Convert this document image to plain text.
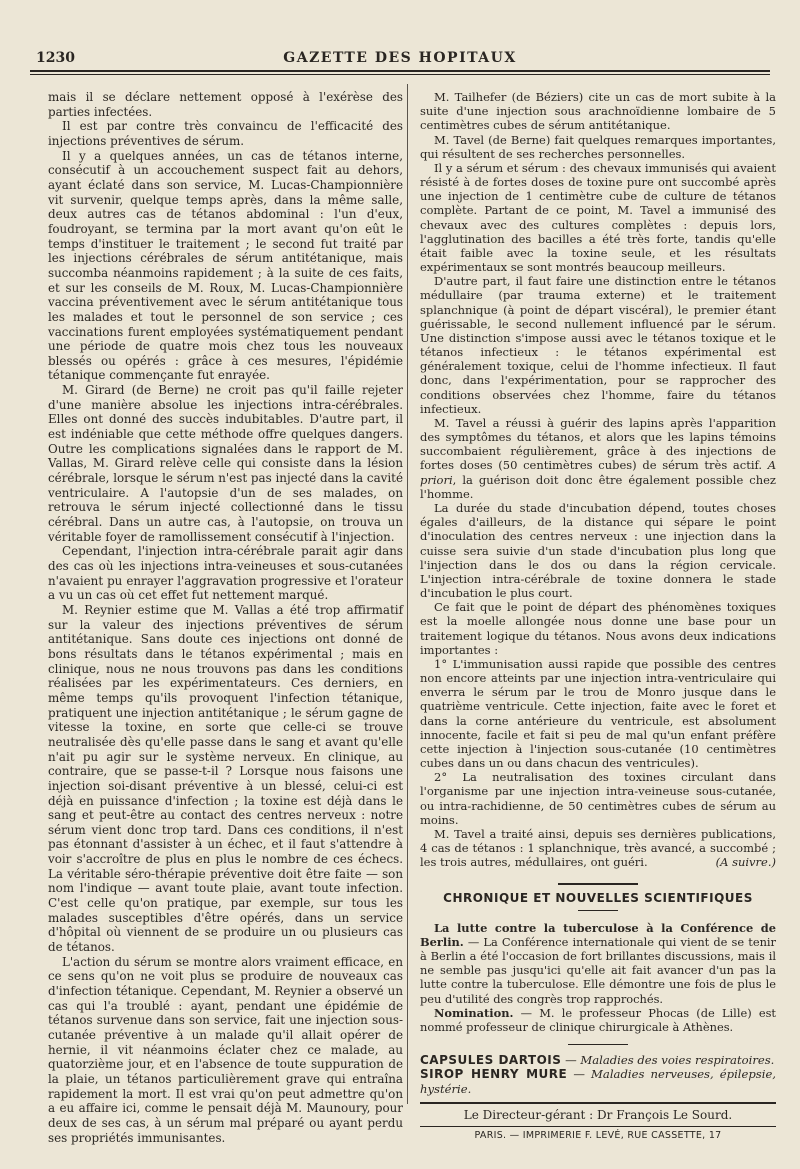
1230	GAZETTE DES HOPITAUX

mais il se déclare nettement opposé à l'exérèse des parties infectées.

Il est par contre très convaincu de l'efficacité des injections préventives de sérum.

Il y a quelques années, un cas de tétanos interne, consécutif à un accouchement suspect fait au dehors, ayant éclaté dans son service, M. Lucas-Championnière vit survenir, quelque temps après, dans la même salle, deux autres cas de tétanos abdominal : l'un d'eux, foudroyant, se termina par la mort avant qu'on eût le temps d'instituer le traitement ; le second fut traité par les injections cérébrales de sérum antitétanique, mais succomba néanmoins rapidement ; à la suite de ces faits, et sur les conseils de M. Roux, M. Lucas-Championnière vaccina préventivement avec le sérum antitétanique tous les malades et tout le personnel de son service ; ces vaccinations furent employées systématiquement pendant une période de quatre mois chez tous les nouveaux blessés ou opérés : grâce à ces mesures, l'épidémie tétanique commençante fut enrayée.

M. Girard (de Berne) ne croit pas qu'il faille rejeter d'une manière absolue les injections intra-cérébrales. Elles ont donné des succès indubitables. D'autre part, il est indéniable que cette méthode offre quelques dangers. Outre les complications signalées dans le rapport de M. Vallas, M. Girard relève celle qui consiste dans la lésion cérébrale, lorsque le sérum n'est pas injecté dans la cavité ventriculaire. A l'autopsie d'un de ses malades, on retrouva le sérum injecté collectionné dans le tissu cérébral. Dans un autre cas, à l'autopsie, on trouva un véritable foyer de ramollissement consécutif à l'injection.

Cependant, l'injection intra-cérébrale parait agir dans des cas où les injections intra-veineuses et sous-cutanées n'avaient pu enrayer l'aggravation progressive et l'orateur a vu un cas où cet effet fut nettement marqué.

M. Reynier estime que M. Vallas a été trop affirmatif sur la valeur des injections préventives de sérum antitétanique. Sans doute ces injections ont donné de bons résultats dans le tétanos expérimental ; mais en clinique, nous ne nous trouvons pas dans les conditions réalisées par les expérimentateurs. Ces derniers, en même temps qu'ils provoquent l'infection tétanique, pratiquent une injection antitétanique ; le sérum gagne de vitesse la toxine, en sorte que celle-ci se trouve neutralisée dès qu'elle passe dans le sang et avant qu'elle n'ait pu agir sur le système nerveux. En clinique, au contraire, que se passe-t-il ? Lorsque nous faisons une injection soi-disant préventive à un blessé, celui-ci est déjà en puissance d'infection ; la toxine est déjà dans le sang et peut-être au contact des centres nerveux : notre sérum vient donc trop tard. Dans ces conditions, il n'est pas étonnant d'assister à un échec, et il faut s'attendre à voir s'accroître de plus en plus le nombre de ces échecs. La véritable séro-thérapie préventive doit être faite — son nom l'indique — avant toute plaie, avant toute infection. C'est celle qu'on pratique, par exemple, sur tous les malades susceptibles d'être opérés, dans un service d'hôpital où viennent de se produire un ou plusieurs cas de tétanos.

L'action du sérum se montre alors vraiment efficace, en ce sens qu'on ne voit plus se produire de nouveaux cas d'infection tétanique. Cependant, M. Reynier a observé un cas qui l'a troublé : ayant, pendant une épidémie de tétanos survenue dans son service, fait une injection sous-cutanée préventive à un malade qu'il allait opérer de hernie, il vit néanmoins éclater chez ce malade, au quatorzième jour, et en l'absence de toute suppuration de la plaie, un tétanos particulièrement grave qui entraîna rapidement la mort. Il est vrai qu'on peut admettre qu'on a eu affaire ici, comme le pensait déjà M. Maunoury, pour deux de ses cas, à un sérum mal préparé ou ayant perdu ses propriétés immunisantes.

M. Tailhefer (de Béziers) cite un cas de mort subite à la suite d'une injection sous arachnoïdienne lombaire de 5 centimètres cubes de sérum antitétanique.

M. Tavel (de Berne) fait quelques remarques importantes, qui résultent de ses recherches personnelles.

Il y a sérum et sérum : des chevaux immunisés qui avaient résisté à de fortes doses de toxine pure ont succombé après une injection de 1 centimètre cube de culture de tétanos complète. Partant de ce point, M. Tavel a immunisé des chevaux avec des cultures complètes : depuis lors, l'agglutination des bacilles a été très forte, tandis qu'elle était faible avec la toxine seule, et les résultats expérimentaux se sont montrés beaucoup meilleurs.

D'autre part, il faut faire une distinction entre le tétanos médullaire (par trauma externe) et le traitement splanchnique (à point de départ viscéral), le premier étant guérissable, le second nullement influencé par le sérum. Une distinction s'impose aussi avec le tétanos toxique et le tétanos infectieux : le tétanos expérimental est généralement toxique, celui de l'homme infectieux. Il faut donc, dans l'expérimentation, pour se rapprocher des conditions observées chez l'homme, faire du tétanos infectieux.

M. Tavel a réussi à guérir des lapins après l'apparition des symptômes du tétanos, et alors que les lapins témoins succombaient régulièrement, grâce à des injections de fortes doses (50 centimètres cubes) de sérum très actif. A priori, la guérison doit donc être également possible chez l'homme.

La durée du stade d'incubation dépend, toutes choses égales d'ailleurs, de la distance qui sépare le point d'inoculation des centres nerveux : une injection dans la cuisse sera suivie d'un stade d'incubation plus long que l'injection dans le dos ou dans la région cervicale. L'injection intra-cérébrale de toxine donnera le stade d'incubation le plus court.

Ce fait que le point de départ des phénomènes toxiques est la moelle allongée nous donne une base pour un traitement logique du tétanos. Nous avons deux indications importantes :

1° L'immunisation aussi rapide que possible des centres non encore atteints par une injection intra-ventriculaire qui enverra le sérum par le trou de Monro jusque dans le quatrième ventricule. Cette injection, faite avec le foret et dans la corne antérieure du ventricule, est absolument innocente, facile et fait si peu de mal qu'un enfant préfère cette injection à l'injection sous-cutanée (10 centimètres cubes dans un ou dans chacun des ventricules).

2° La neutralisation des toxines circulant dans l'organisme par une injection intra-veineuse sous-cutanée, ou intra-rachidienne, de 50 centimètres cubes de sérum au moins.

M. Tavel a traité ainsi, depuis ses dernières publications, 4 cas de tétanos : 1 splanchnique, très avancé, a succombé ; les trois autres, médullaires, ont guéri.	(A suivre.)

CHRONIQUE ET NOUVELLES SCIENTIFIQUES

La lutte contre la tuberculose à la Conférence de Berlin. — La Conférence internationale qui vient de se tenir à Berlin a été l'occasion de fort brillantes discussions, mais il ne semble pas jusqu'ici qu'elle ait fait avancer d'un pas la lutte contre la tuberculose. Elle démontre une fois de plus le peu d'utilité des congrès trop rapprochés.

Nomination. — M. le professeur Phocas (de Lille) est nommé professeur de clinique chirurgicale à Athènes.

CAPSULES DARTOIS — Maladies des voies respiratoires.
SIROP HENRY MURE — Maladies nerveuses, épilepsie, hystérie.
Le Directeur-gérant : Dr François Le Sourd.
PARIS. — IMPRIMERIE F. LEVÉ, RUE CASSETTE, 17
